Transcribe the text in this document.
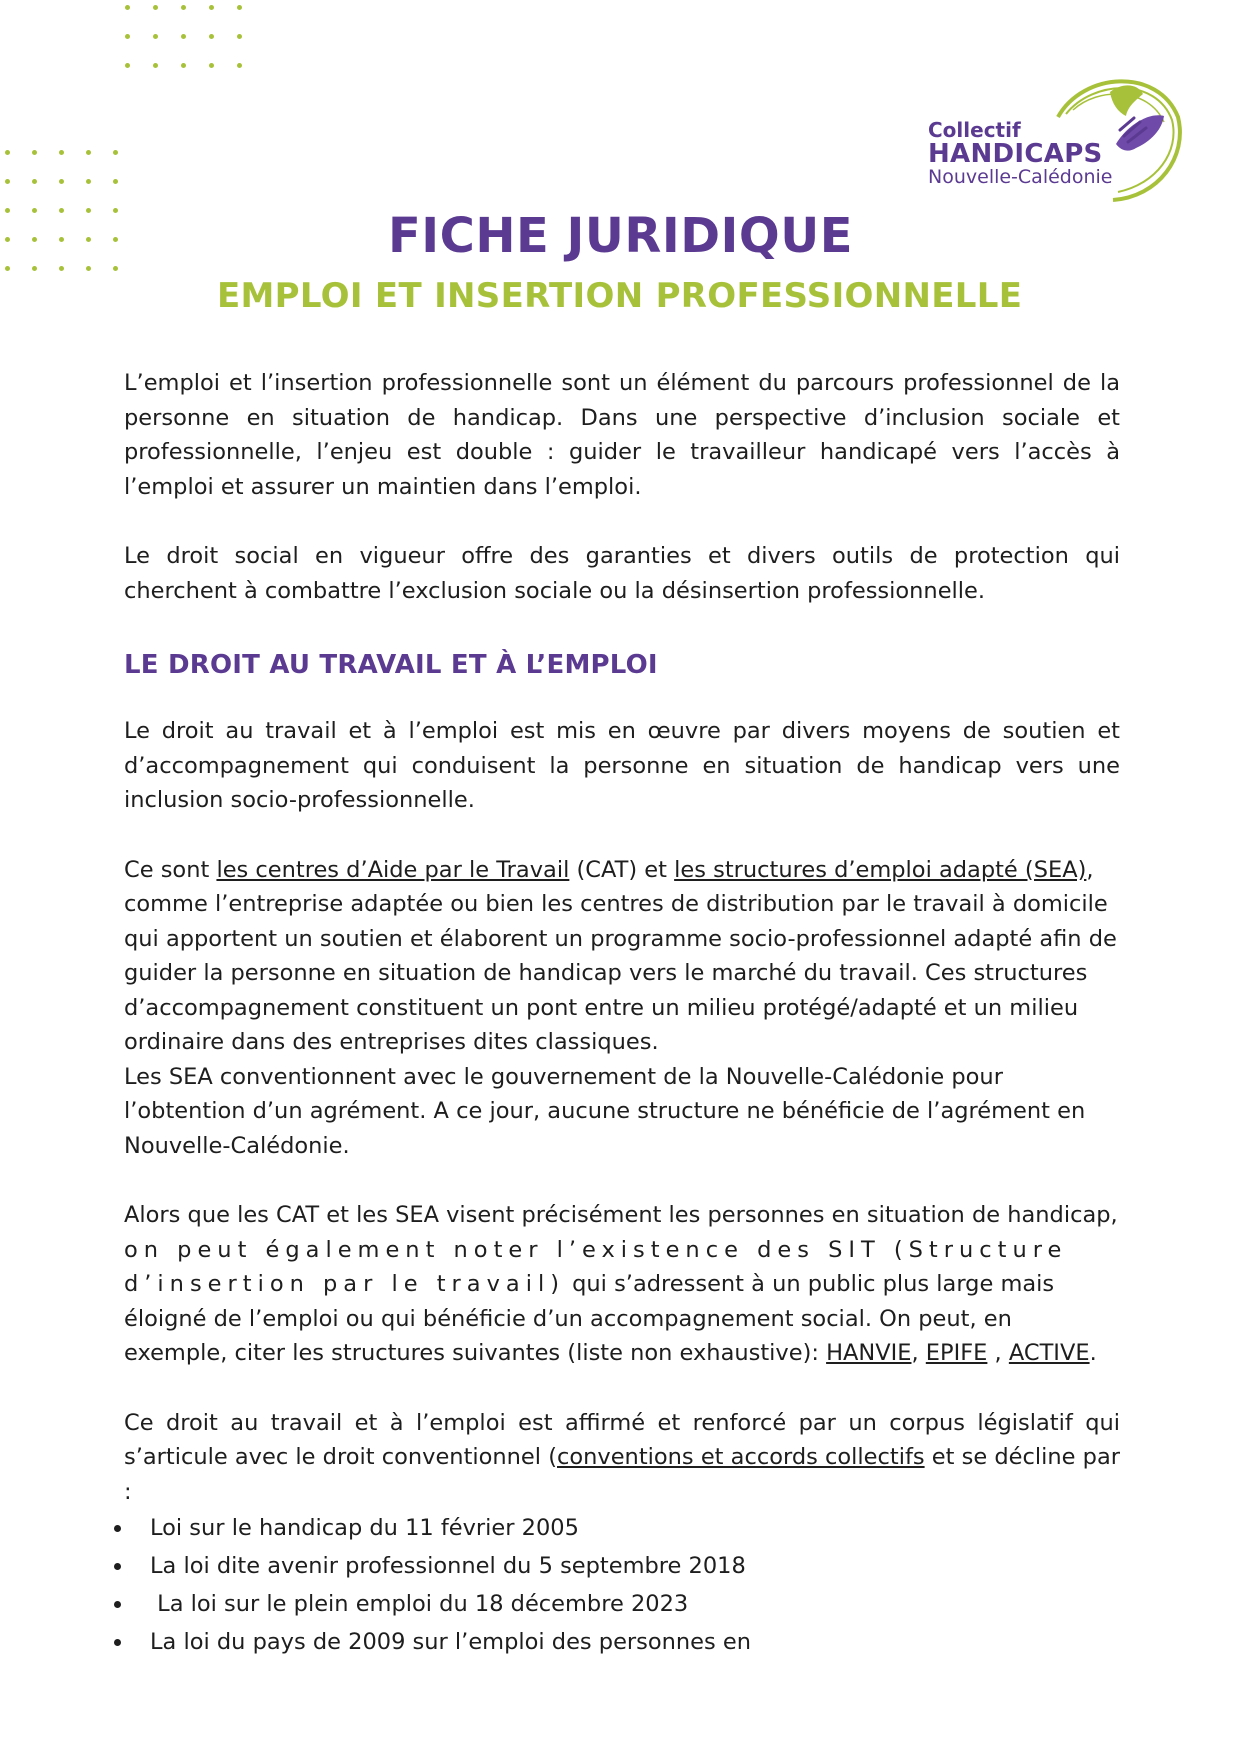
Collectif
HANDICAPS
Nouvelle-Calédonie
FICHE JURIDIQUE
EMPLOI ET INSERTION PROFESSIONNELLE

L’emploi et l’insertion professionnelle sont un élément du parcours professionnel de la personne en situation de handicap. Dans une perspective d’inclusion sociale et professionnelle, l’enjeu est double : guider le travailleur handicapé vers l’accès à l’emploi et assurer un maintien dans l’emploi.

Le droit social en vigueur offre des garanties et divers outils de protection qui cherchent à combattre l’exclusion sociale ou la désinsertion professionnelle.

LE DROIT AU TRAVAIL ET À L’EMPLOI

Le droit au travail et à l’emploi est mis en œuvre par divers moyens de soutien et d’accompagnement qui conduisent la personne en situation de handicap vers une inclusion socio-professionnelle.

Ce sont les centres d’Aide par le Travail (CAT) et les structures d’emploi adapté (SEA), comme l’entreprise adaptée ou bien les centres de distribution par le travail à domicile qui apportent un soutien et élaborent un programme socio-professionnel adapté afin de guider la personne en situation de handicap vers le marché du travail. Ces structures d’accompagnement constituent un pont entre un milieu protégé/adapté et un milieu ordinaire dans des entreprises dites classiques.

Les SEA conventionnent avec le gouvernement de la Nouvelle-Calédonie pour l’obtention d’un agrément. A ce jour, aucune structure ne bénéficie de l’agrément en Nouvelle-Calédonie.

Alors que les CAT et les SEA visent précisément les personnes en situation de handicap, on peut également noter l’existence des SIT (Structure d’insertion par le travail) qui s’adressent à un public plus large mais éloigné de l’emploi ou qui bénéficie d’un accompagnement social. On peut, en exemple, citer les structures suivantes (liste non exhaustive): HANVIE, EPIFE , ACTIVE.

Ce droit au travail et à l’emploi est affirmé et renforcé par un corpus législatif qui s’articule avec le droit conventionnel (conventions et accords collectifs et se décline par :

Loi sur le handicap du 11 février 2005
La loi dite avenir professionnel du 5 septembre 2018
La loi sur le plein emploi du 18 décembre 2023
La loi du pays de 2009 sur l’emploi des personnes en
